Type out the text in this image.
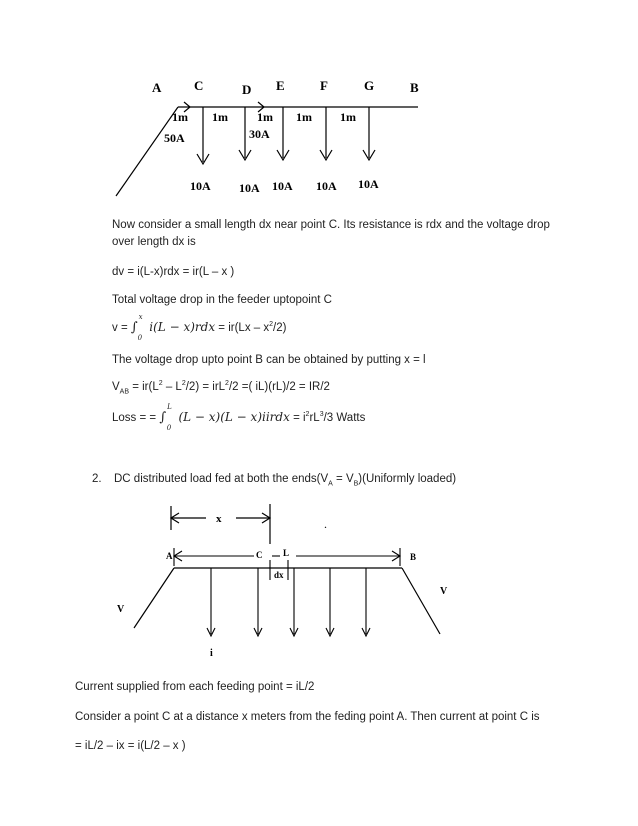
A	C	D E	F	G	B
1m 1m 1m 1m 1m
50A	30A
10A 10A 10A 10A 10A
Now consider a small length dx near point C. Its resistance is rdx and the voltage drop
over length dx is
dv = i(L-x)rdx = ir(L – x )
Total voltage drop in the feeder uptopoint C
v = ∫$^x_0$ $i(L - x)rdx = ir(Lx - x^2/2)$
The voltage drop upto point B can be obtained by putting x = l
$V_{AB} = ir(L^2 - L^2/2) = irL^2/2$ =( iL)(rL)/2 = IR/2
Loss = = ∫$^L_0$ (L − x)(L − x)iirdx = $i^2rL^3/3$ Watts
2. DC distributed load fed at both the $ends(V_A$ = $V_B)(Uniformly$ loaded)
x	.
A	C L	B
dx
V
V
i
Current supplied from each feeding point = iL/2
Consider a point C at a distance x meters from the feding point A. Then current at point C is
= iL/2 – ix = i(L/2 – x )
